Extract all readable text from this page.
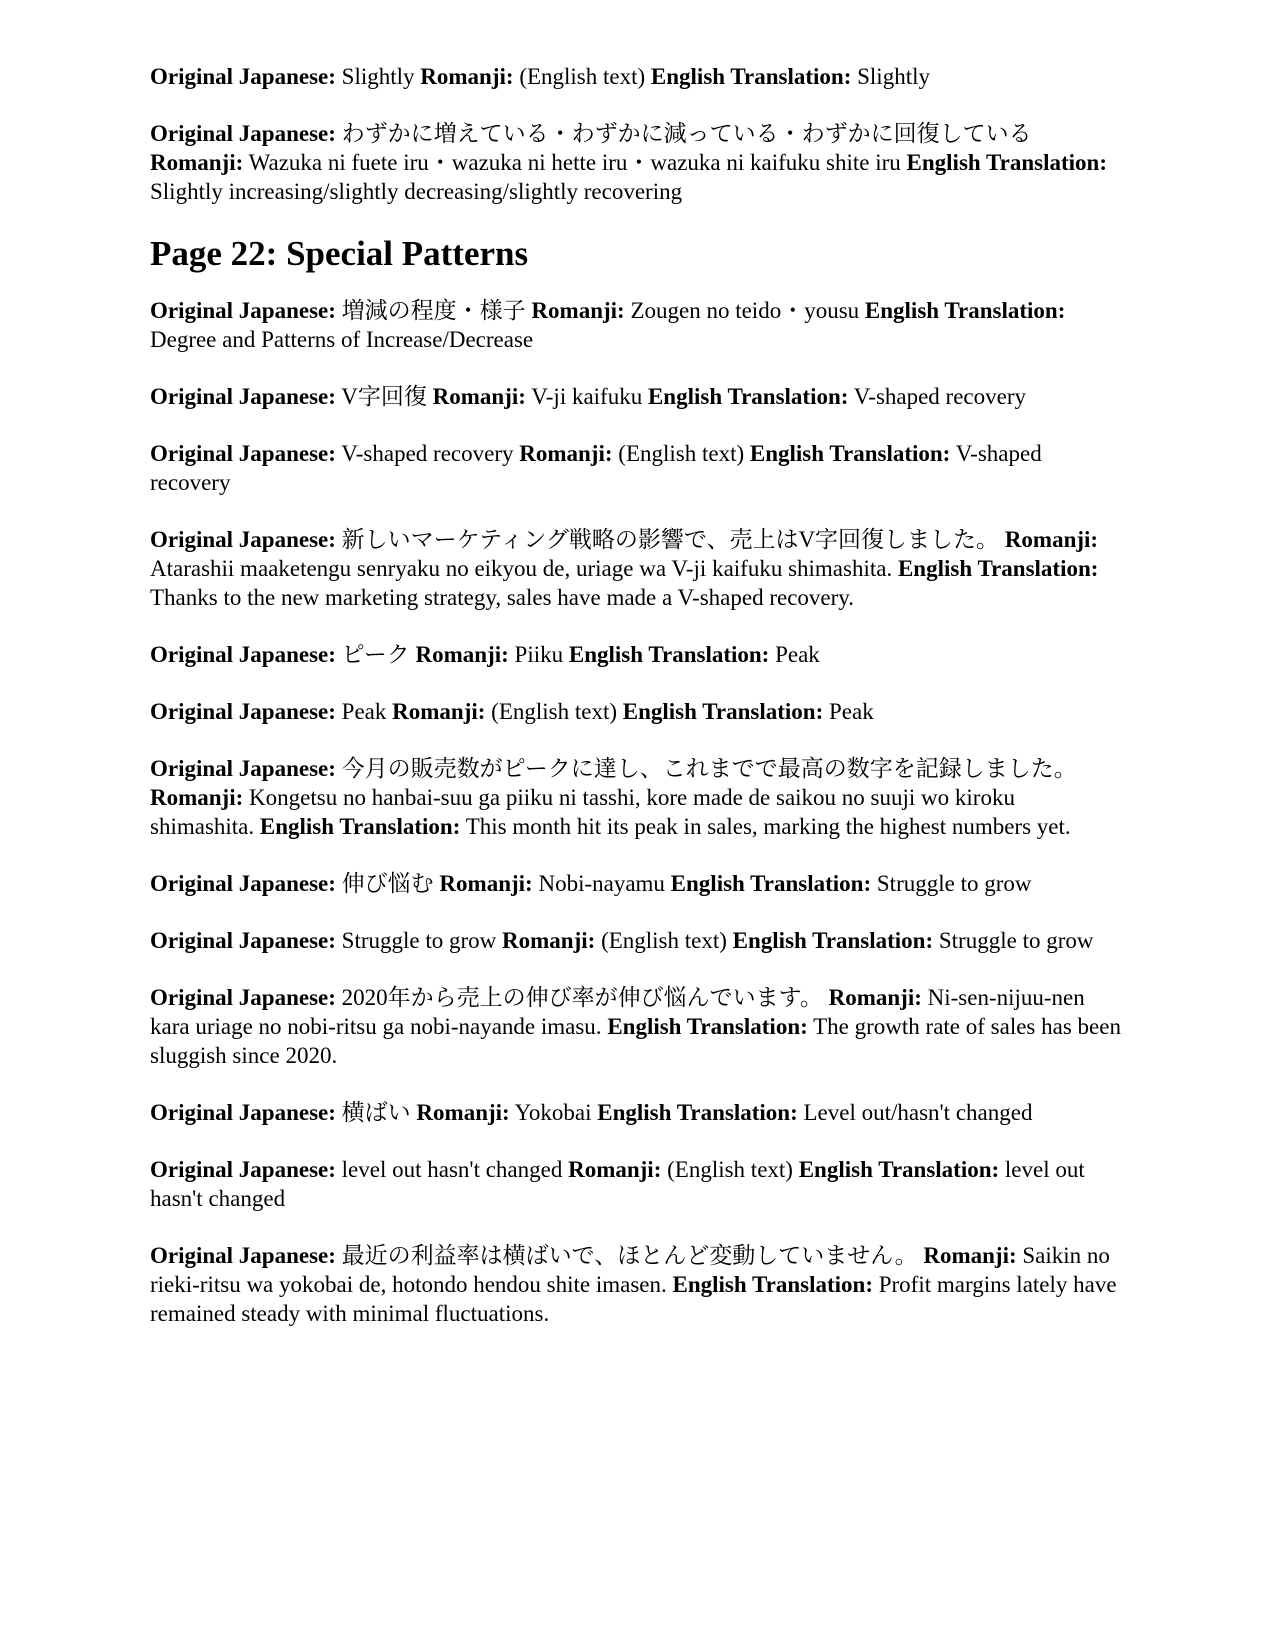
Original Japanese: Slightly Romanji: (English text) English Translation: Slightly

Original Japanese: わずかに増えている・わずかに減っている・わずかに回復している Romanji: Wazuka ni fuete iru・wazuka ni hette iru・wazuka ni kaifuku shite iru English Translation: Slightly increasing/slightly decreasing/slightly recovering

Page 22: Special Patterns

Original Japanese: 増減の程度・様子 Romanji: Zougen no teido・yousu English Translation: Degree and Patterns of Increase/Decrease

Original Japanese: V字回復 Romanji: V-ji kaifuku English Translation: V-shaped recovery

Original Japanese: V-shaped recovery Romanji: (English text) English Translation: V-shaped recovery

Original Japanese: 新しいマーケティング戦略の影響で、売上はV字回復しました。 Romanji: Atarashii maaketengu senryaku no eikyou de, uriage wa V-ji kaifuku shimashita. English Translation: Thanks to the new marketing strategy, sales have made a V-shaped recovery.

Original Japanese: ピーク Romanji: Piiku English Translation: Peak

Original Japanese: Peak Romanji: (English text) English Translation: Peak

Original Japanese: 今月の販売数がピークに達し、これまでで最高の数字を記録しました。 Romanji: Kongetsu no hanbai-suu ga piiku ni tasshi, kore made de saikou no suuji wo kiroku shimashita. English Translation: This month hit its peak in sales, marking the highest numbers yet.

Original Japanese: 伸び悩む Romanji: Nobi-nayamu English Translation: Struggle to grow

Original Japanese: Struggle to grow Romanji: (English text) English Translation: Struggle to grow

Original Japanese: 2020年から売上の伸び率が伸び悩んでいます。 Romanji: Ni-sen-nijuu-nen kara uriage no nobi-ritsu ga nobi-nayande imasu. English Translation: The growth rate of sales has been sluggish since 2020.

Original Japanese: 横ばい Romanji: Yokobai English Translation: Level out/hasn't changed

Original Japanese: level out hasn't changed Romanji: (English text) English Translation: level out hasn't changed

Original Japanese: 最近の利益率は横ばいで、ほとんど変動していません。 Romanji: Saikin no rieki-ritsu wa yokobai de, hotondo hendou shite imasen. English Translation: Profit margins lately have remained steady with minimal fluctuations.
